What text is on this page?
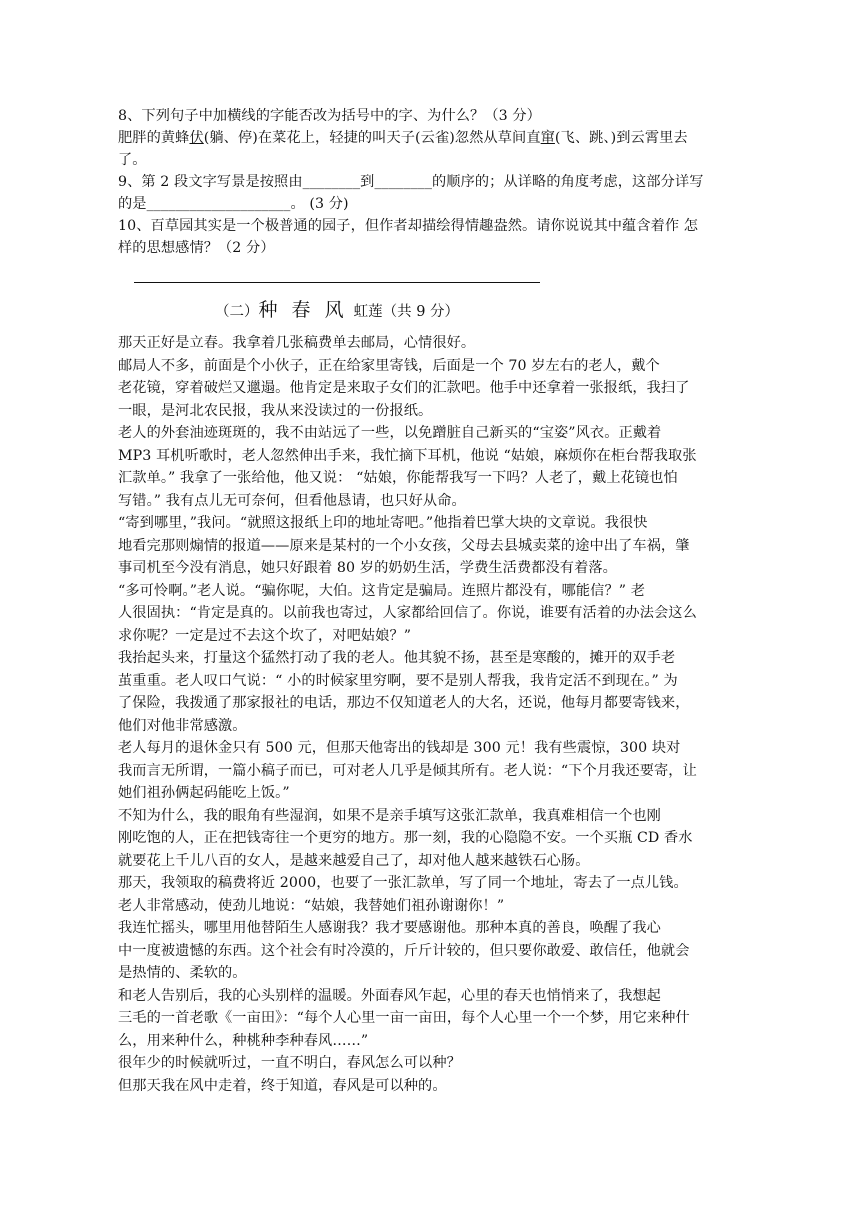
8、下列句子中加横线的字能否改为括号中的字、为什么？（3 分）
肥胖的黄蜂伏(躺、停)在菜花上，轻捷的叫天子(云雀)忽然从草间直窜(飞、跳、)到云霄里去
了。
9、第 2 段文字写景是按照由________到________的顺序的；从详略的角度考虑，这部分详写
的是____________________。 (3 分)
10、百草园其实是一个极普通的园子，但作者却描绘得情趣盎然。请你说说其中蕴含着作 怎
样的思想感情？（2 分）
（二）种 春 风 虹莲（共 9 分）
那天正好是立春。我拿着几张稿费单去邮局，心情很好。
邮局人不多，前面是个小伙子，正在给家里寄钱，后面是一个 70 岁左右的老人，戴个
老花镜，穿着破烂又邋遢。他肯定是来取子女们的汇款吧。他手中还拿着一张报纸，我扫了
一眼，是河北农民报，我从来没读过的一份报纸。
老人的外套油迹斑斑的，我不由站远了一些，以免蹭脏自己新买的“宝姿”风衣。正戴着
MP3 耳机听歌时，老人忽然伸出手来，我忙摘下耳机，他说 “姑娘，麻烦你在柜台帮我取张
汇款单。” 我拿了一张给他，他又说： “姑娘，你能帮我写一下吗？人老了，戴上花镜也怕
写错。” 我有点儿无可奈何，但看他恳请，也只好从命。
“寄到哪里，”我问。“就照这报纸上印的地址寄吧。”他指着巴掌大块的文章说。我很快
地看完那则煽情的报道——原来是某村的一个小女孩，父母去县城卖菜的途中出了车祸，肇
事司机至今没有消息，她只好跟着 80 岁的奶奶生活，学费生活费都没有着落。
“多可怜啊。”老人说。“骗你呢，大伯。这肯定是骗局。连照片都没有，哪能信？” 老
人很固执：“肯定是真的。以前我也寄过，人家都给回信了。你说，谁要有活着的办法会这么
求你呢？一定是过不去这个坎了，对吧姑娘？”
我抬起头来，打量这个猛然打动了我的老人。他其貌不扬，甚至是寒酸的，摊开的双手老
茧重重。老人叹口气说：“ 小的时候家里穷啊，要不是别人帮我，我肯定活不到现在。” 为
了保险，我拨通了那家报社的电话，那边不仅知道老人的大名，还说，他每月都要寄钱来，
他们对他非常感激。
老人每月的退休金只有 500 元，但那天他寄出的钱却是 300 元！我有些震惊，300 块对
我而言无所谓，一篇小稿子而已，可对老人几乎是倾其所有。老人说：“下个月我还要寄，让
她们祖孙俩起码能吃上饭。”
不知为什么，我的眼角有些湿润，如果不是亲手填写这张汇款单，我真难相信一个也刚
刚吃饱的人，正在把钱寄往一个更穷的地方。那一刻，我的心隐隐不安。一个买瓶 CD 香水
就要花上千儿八百的女人，是越来越爱自己了，却对他人越来越铁石心肠。
那天，我领取的稿费将近 2000，也要了一张汇款单，写了同一个地址，寄去了一点儿钱。
老人非常感动，使劲儿地说：“姑娘，我替她们祖孙谢谢你！”
我连忙摇头，哪里用他替陌生人感谢我？我才要感谢他。那种本真的善良，唤醒了我心
中一度被遗憾的东西。这个社会有时冷漠的，斤斤计较的，但只要你敢爱、敢信任，他就会
是热情的、柔软的。
和老人告别后，我的心头别样的温暖。外面春风乍起，心里的春天也悄悄来了，我想起
三毛的一首老歌《一亩田》：“每个人心里一亩一亩田，每个人心里一个一个梦，用它来种什
么，用来种什么，种桃种李种春风……”
很年少的时候就听过，一直不明白，春风怎么可以种？
但那天我在风中走着，终于知道，春风是可以种的。
